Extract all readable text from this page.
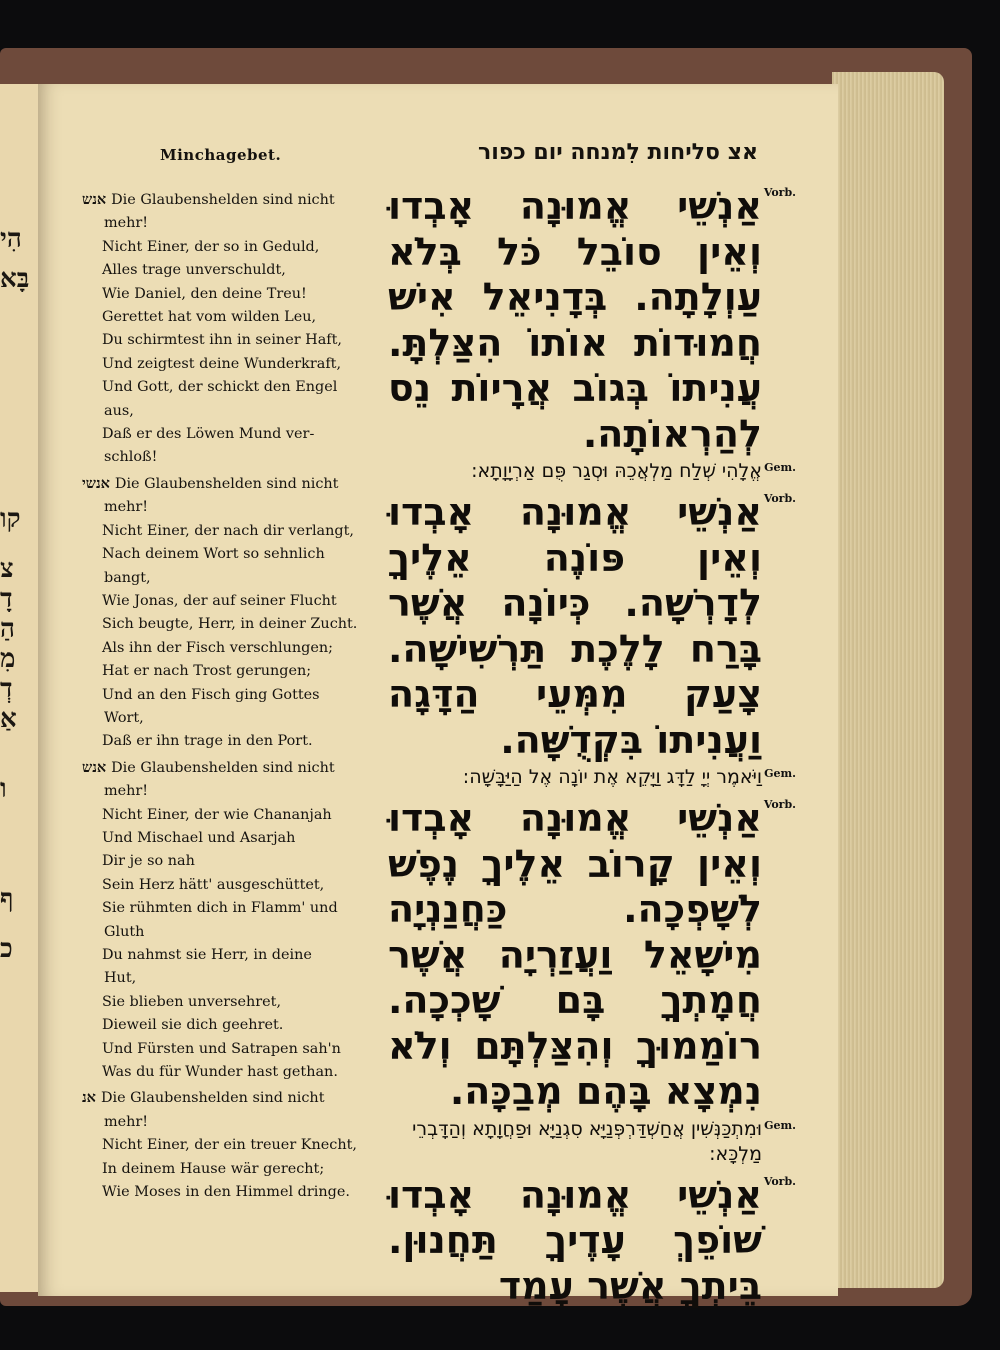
הִי
בָּא
קו
צ
דָ
הַ
מִ
דְ
אַ
ו
ף
כ
Minchagebet.	אצ סליחות לִמנחה יום כפור
אנש Die Glaubenshelden sind nicht
mehr!
Nicht Einer, der so in Geduld,
Alles trage unverschuldt,
Wie Daniel, den deine Treu!
Gerettet hat vom wilden Leu,
Du schirmtest ihn in seiner Haft,
Und zeigtest deine Wunderkraft,
Und Gott, der schickt den Engel
aus,
Daß er des Löwen Mund ver-
schloß!
אנשי Die Glaubenshelden sind nicht
mehr!
Nicht Einer, der nach dir verlangt,
Nach deinem Wort so sehnlich
bangt,
Wie Jonas, der auf seiner Flucht
Sich beugte, Herr, in deiner Zucht.
Als ihn der Fisch verschlungen;
Hat er nach Trost gerungen;
Und an den Fisch ging Gottes
Wort,
Daß er ihn trage in den Port.
אנש Die Glaubenshelden sind nicht
mehr!
Nicht Einer, der wie Chananjah
Und Mischael und Asarjah
Dir je so nah
Sein Herz hätt' ausgeschüttet,
Sie rühmten dich in Flamm' und
Gluth
Du nahmst sie Herr, in deine
Hut,
Sie blieben unversehret,
Dieweil sie dich geehret.
Und Fürsten und Satrapen sah'n
Was du für Wunder hast gethan.
אנ Die Glaubenshelden sind nicht
mehr!
Nicht Einer, der ein treuer Knecht,
In deinem Hause wär gerecht;
Wie Moses in den Himmel dringe.
Vorb.
אַנְשֵׁי אֱמוּנָה אָבְדוּ וְאֵין סוֹבֵל כֹּל בְּלֹא עַוְלָתָה. בְּדָנִיאֵל אִישׁ חֲמוּדוֹת אוֹתוֹ הִצַּלְתָּ. עֲנִיתוֹ בְּגוֹב אֲרָיוֹת נֵס לְהַרְאוֹתָה.
Gem.
אֱלָהִי שְׁלַח מַלְאֲכֵהּ וּסְגַר פֻּם אַרְיָוָתָא:
Vorb.
אַנְשֵׁי אֱמוּנָה אָבְדוּ וְאֵין פּוֹנֶה אֵלֶיךָ לְדָרְשָׁה. כְּיוֹנָה אֲשֶׁר בָּרַח לָלֶכֶת תַּרְשִׁישָׁה. צָעַק מִמְּעֵי הַדָּגָה וַעֲנִיתוֹ בִּקְדֻשָּׁה.
Gem.
וַיֹּאמֶר יְיָ לַדָּג וַיָּקֵא אֶת יוֹנָה אֶל הַיַּבָּשָׁה:
Vorb.
אַנְשֵׁי אֱמוּנָה אָבְדוּ וְאֵין קָרוֹב אֵלֶיךָ נֶפֶשׁ לְשָׁפְכָה. כַּחֲנַנְיָה מִישָׁאֵל וַעֲזַרְיָה אֲשֶׁר חֲמָתְךָ בָּם שָׁכְכָה. רוֹמַמוּךָ וְהִצַּלְתָּם וְלֹא נִמְצָא בָּהֶם מְבַכָּה.
Gem.
וּמִתְכַּנְּשִׁין אֲחַשְׁדַּרְפְּנַיָּא סִגְנַיָּא וּפַחֲוָתָא וְהַדָּבְרֵי מַלְכָּא:
Vorb.
אַנְשֵׁי אֱמוּנָה אָבְדוּ שׁוֹפֵךְ עָדֶיךָ תַּחֲנוּן. בֵּיתְךָ אֲשֶׁר עָמַד
